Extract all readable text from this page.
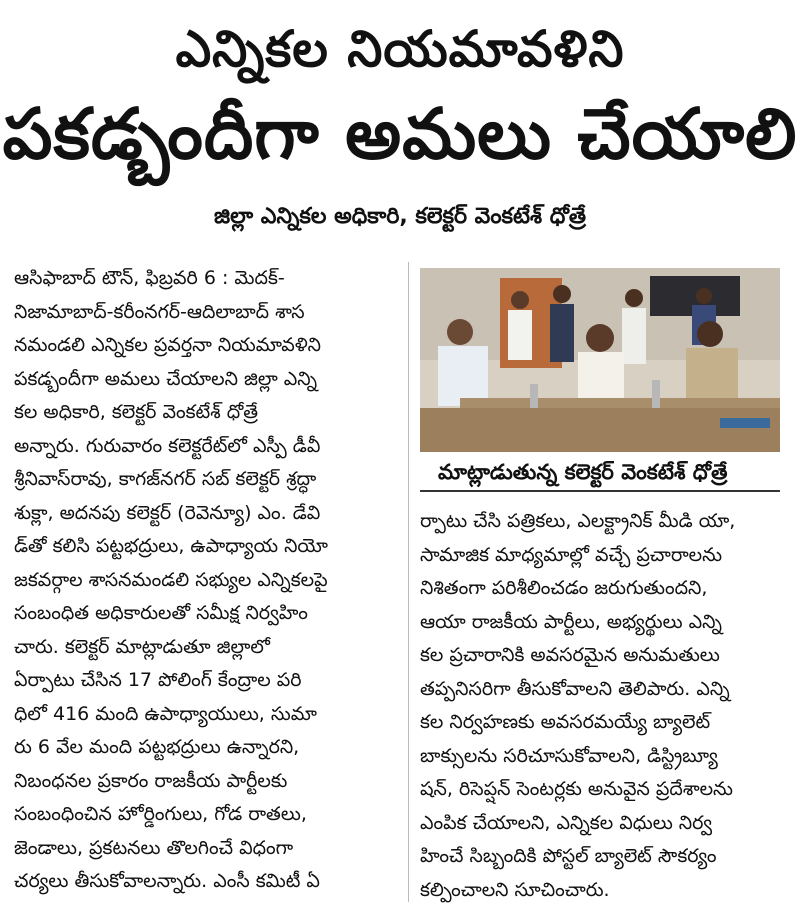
ఎన్నికల నియమావళిని
పకడ్బందీగా అమలు చేయాలి
జిల్లా ఎన్నికల అధికారి, కలెక్టర్ వెంకటేశ్ ధోత్రే
ఆసిఫాబాద్ టౌన్, ఫిబ్రవరి 6 : మెదక్-
నిజామాబాద్-కరీంనగర్-ఆదిలాబాద్ శాస
నమండలి ఎన్నికల ప్రవర్తనా నియమావళిని
పకడ్బందీగా అమలు చేయాలని జిల్లా ఎన్ని
కల అధికారి, కలెక్టర్ వెంకటేశ్ ధోత్రే
అన్నారు. గురువారం కలెక్టరేట్‌లో ఎస్పీ డీవీ
శ్రీనివాస్‌రావు, కాగజ్‌నగర్ సబ్ కలెక్టర్ శ్రద్ధా
శుక్లా, అదనపు కలెక్టర్ (రెవెన్యూ) ఎం. డేవి
డ్‌తో కలిసి పట్టభద్రులు, ఉపాధ్యాయ నియో
జకవర్గాల శాసనమండలి సభ్యుల ఎన్నికలపై
సంబంధిత అధికారులతో సమీక్ష నిర్వహిం
చారు. కలెక్టర్ మాట్లాడుతూ జిల్లాలో
ఏర్పాటు చేసిన 17 పోలింగ్ కేంద్రాల పరి
ధిలో 416 మంది ఉపాధ్యాయులు, సుమా
రు 6 వేల మంది పట్టభద్రులు ఉన్నారని,
నిబంధనల ప్రకారం రాజకీయ పార్టీలకు
సంబంధించిన హోర్డింగులు, గోడ రాతలు,
జెండాలు, ప్రకటనలు తొలగించే విధంగా
చర్యలు తీసుకోవాలన్నారు. ఎంసీ కమిటీ ఏ
మాట్లాడుతున్న కలెక్టర్ వెంకటేశ్ ధోత్రే
ర్పాటు చేసి పత్రికలు, ఎలక్ట్రానిక్ మీడి యా,
సామాజిక మాధ్యమాల్లో వచ్చే ప్రచారాలను
నిశితంగా పరిశీలించడం జరుగుతుందని,
ఆయా రాజకీయ పార్టీలు, అభ్యర్థులు ఎన్ని
కల ప్రచారానికి అవసరమైన అనుమతులు
తప్పనిసరిగా తీసుకోవాలని తెలిపారు. ఎన్ని
కల నిర్వహణకు అవసరమయ్యే బ్యాలెట్
బాక్సులను సరిచూసుకోవాలని, డిస్ట్రిబ్యూ
షన్, రిసెప్షన్ సెంటర్లకు అనువైన ప్రదేశాలను
ఎంపిక చేయాలని, ఎన్నికల విధులు నిర్వ
హించే సిబ్బందికి పోస్టల్ బ్యాలెట్ సౌకర్యం
కల్పించాలని సూచించారు.
